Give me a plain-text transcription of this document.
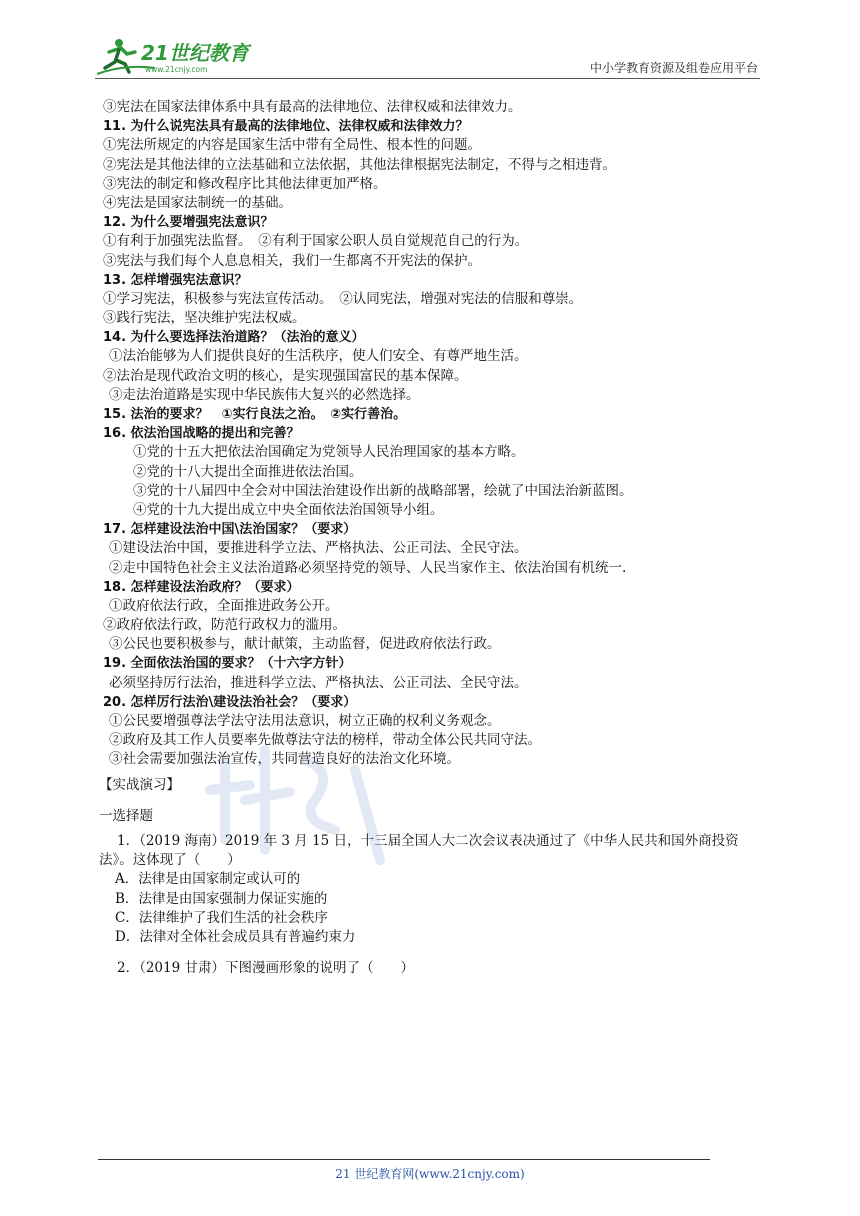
21世纪教育
www.21cnjy.com	中小学教育资源及组卷应用平台
③宪法在国家法律体系中具有最高的法律地位、法律权威和法律效力。
11. 为什么说宪法具有最高的法律地位、法律权威和法律效力？
①宪法所规定的内容是国家生活中带有全局性、根本性的问题。
②宪法是其他法律的立法基础和立法依据，其他法律根据宪法制定，不得与之相违背。
③宪法的制定和修改程序比其他法律更加严格。
④宪法是国家法制统一的基础。
12. 为什么要增强宪法意识？
①有利于加强宪法监督。　②有利于国家公职人员自觉规范自己的行为。
③宪法与我们每个人息息相关，我们一生都离不开宪法的保护。
13. 怎样增强宪法意识？
①学习宪法，积极参与宪法宣传活动。　②认同宪法，增强对宪法的信服和尊崇。
③践行宪法，坚决维护宪法权威。
14. 为什么要选择法治道路？（法治的意义）
①法治能够为人们提供良好的生活秩序，使人们安全、有尊严地生活。
②法治是现代政治文明的核心，是实现强国富民的基本保障。
③走法治道路是实现中华民族伟大复兴的必然选择。
15. 法治的要求？　①实行良法之治。　②实行善治。
16. 依法治国战略的提出和完善？
①党的十五大把依法治国确定为党领导人民治理国家的基本方略。
②党的十八大提出全面推进依法治国。
③党的十八届四中全会对中国法治建设作出新的战略部署，绘就了中国法治新蓝图。
④党的十九大提出成立中央全面依法治国领导小组。
17. 怎样建设法治中国\法治国家？（要求）
①建设法治中国，要推进科学立法、严格执法、公正司法、全民守法。
②走中国特色社会主义法治道路必须坚持党的领导、人民当家作主、依法治国有机统一.
18. 怎样建设法治政府？（要求）
①政府依法行政，全面推进政务公开。
②政府依法行政，防范行政权力的滥用。
③公民也要积极参与，献计献策，主动监督，促进政府依法行政。
19. 全面依法治国的要求？（十六字方针）
必须坚持厉行法治，推进科学立法、严格执法、公正司法、全民守法。
20. 怎样厉行法治\建设法治社会？（要求）
①公民要增强尊法学法守法用法意识，树立正确的权利义务观念。
②政府及其工作人员要率先做尊法守法的榜样，带动全体公民共同守法。
③社会需要加强法治宣传，共同营造良好的法治文化环境。
【实战演习】
一选择题
1．（2019 海南）2019 年 3 月 15 日，十三届全国人大二次会议表决通过了《中华人民共和国外商投资法》。这体现了（　　）
A．法律是由国家制定或认可的
B．法律是由国家强制力保证实施的
C．法律维护了我们生活的社会秩序
D．法律对全体社会成员具有普遍约束力
2．（2019 甘肃）下图漫画形象的说明了（　　）
21 世纪教育网(www.21cnjy.com)
